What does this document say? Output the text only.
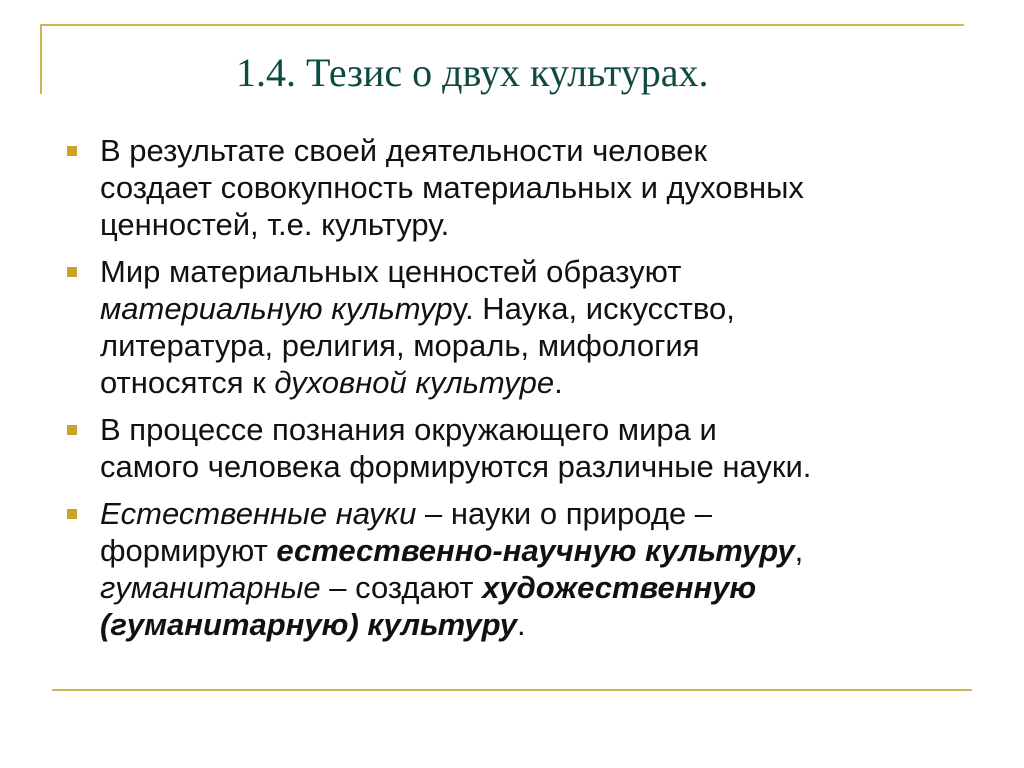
1.4. Тезис о двух культурах.
В результате своей деятельности человек
создает совокупность материальных и духовных
ценностей, т.е. культуру.
Мир материальных ценностей образуют
материальную культуру. Наука, искусство,
литература, религия, мораль, мифология
относятся к духовной культуре.
В процессе познания окружающего мира и
самого человека формируются различные науки.
Естественные науки – науки о природе –
формируют естественно-научную культуру,
гуманитарные – создают художественную
(гуманитарную) культуру.
